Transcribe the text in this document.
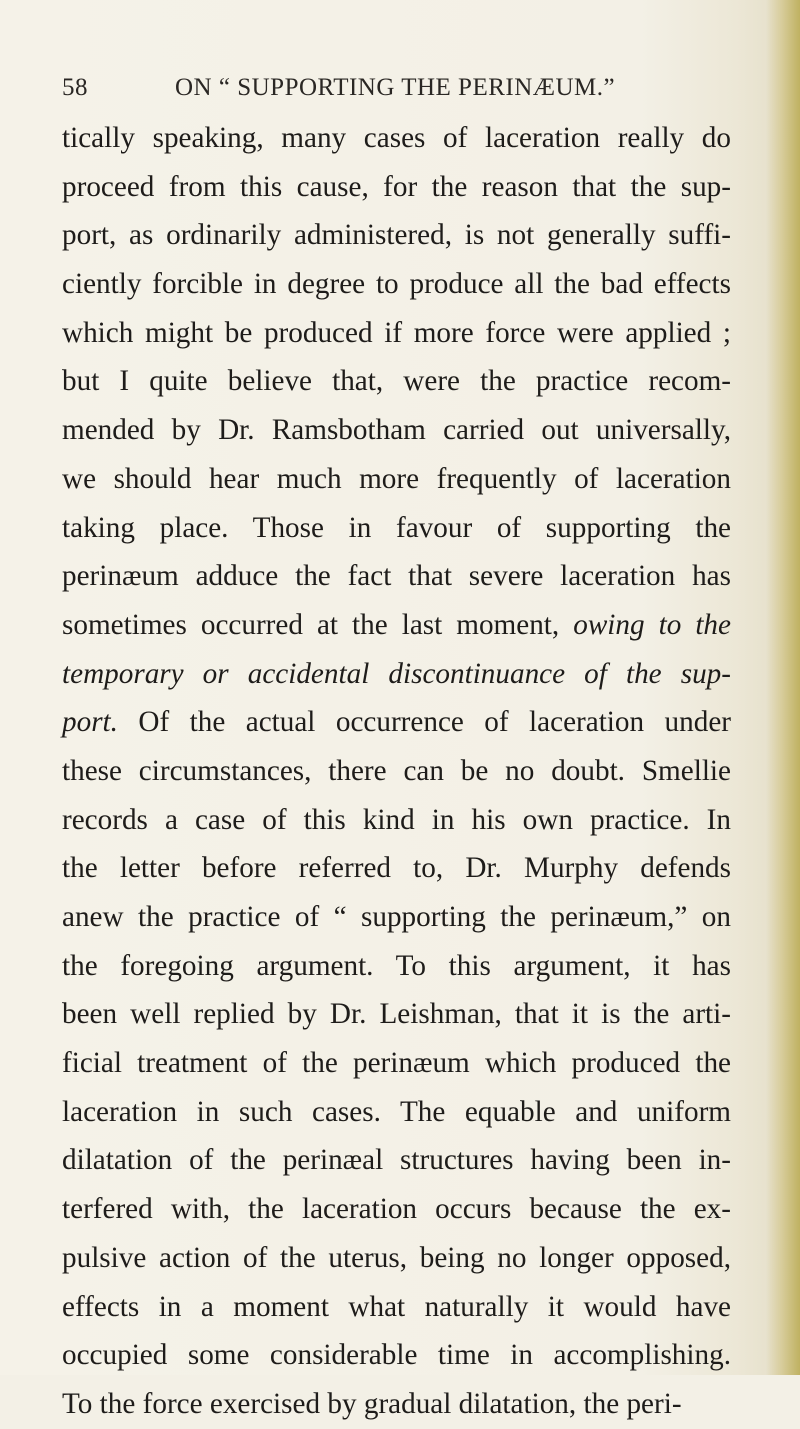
58	ON “ SUPPORTING THE PERINÆUM.”
tically speaking, many cases of laceration really do
proceed from this cause, for the reason that the sup-
port, as ordinarily administered, is not generally suffi-
ciently forcible in degree to produce all the bad effects
which might be produced if more force were applied ;
but I quite believe that, were the practice recom-
mended by Dr. Ramsbotham carried out universally,
we should hear much more frequently of laceration
taking place. Those in favour of supporting the
perinæum adduce the fact that severe laceration has
sometimes occurred at the last moment, owing to the
temporary or accidental discontinuance of the sup-
port. Of the actual occurrence of laceration under
these circumstances, there can be no doubt. Smellie
records a case of this kind in his own practice. In
the letter before referred to, Dr. Murphy defends
anew the practice of “ supporting the perinæum,” on
the foregoing argument. To this argument, it has
been well replied by Dr. Leishman, that it is the arti-
ficial treatment of the perinæum which produced the
laceration in such cases. The equable and uniform
dilatation of the perinæal structures having been in-
terfered with, the laceration occurs because the ex-
pulsive action of the uterus, being no longer opposed,
effects in a moment what naturally it would have
occupied some considerable time in accomplishing.
To the force exercised by gradual dilatation, the peri-
